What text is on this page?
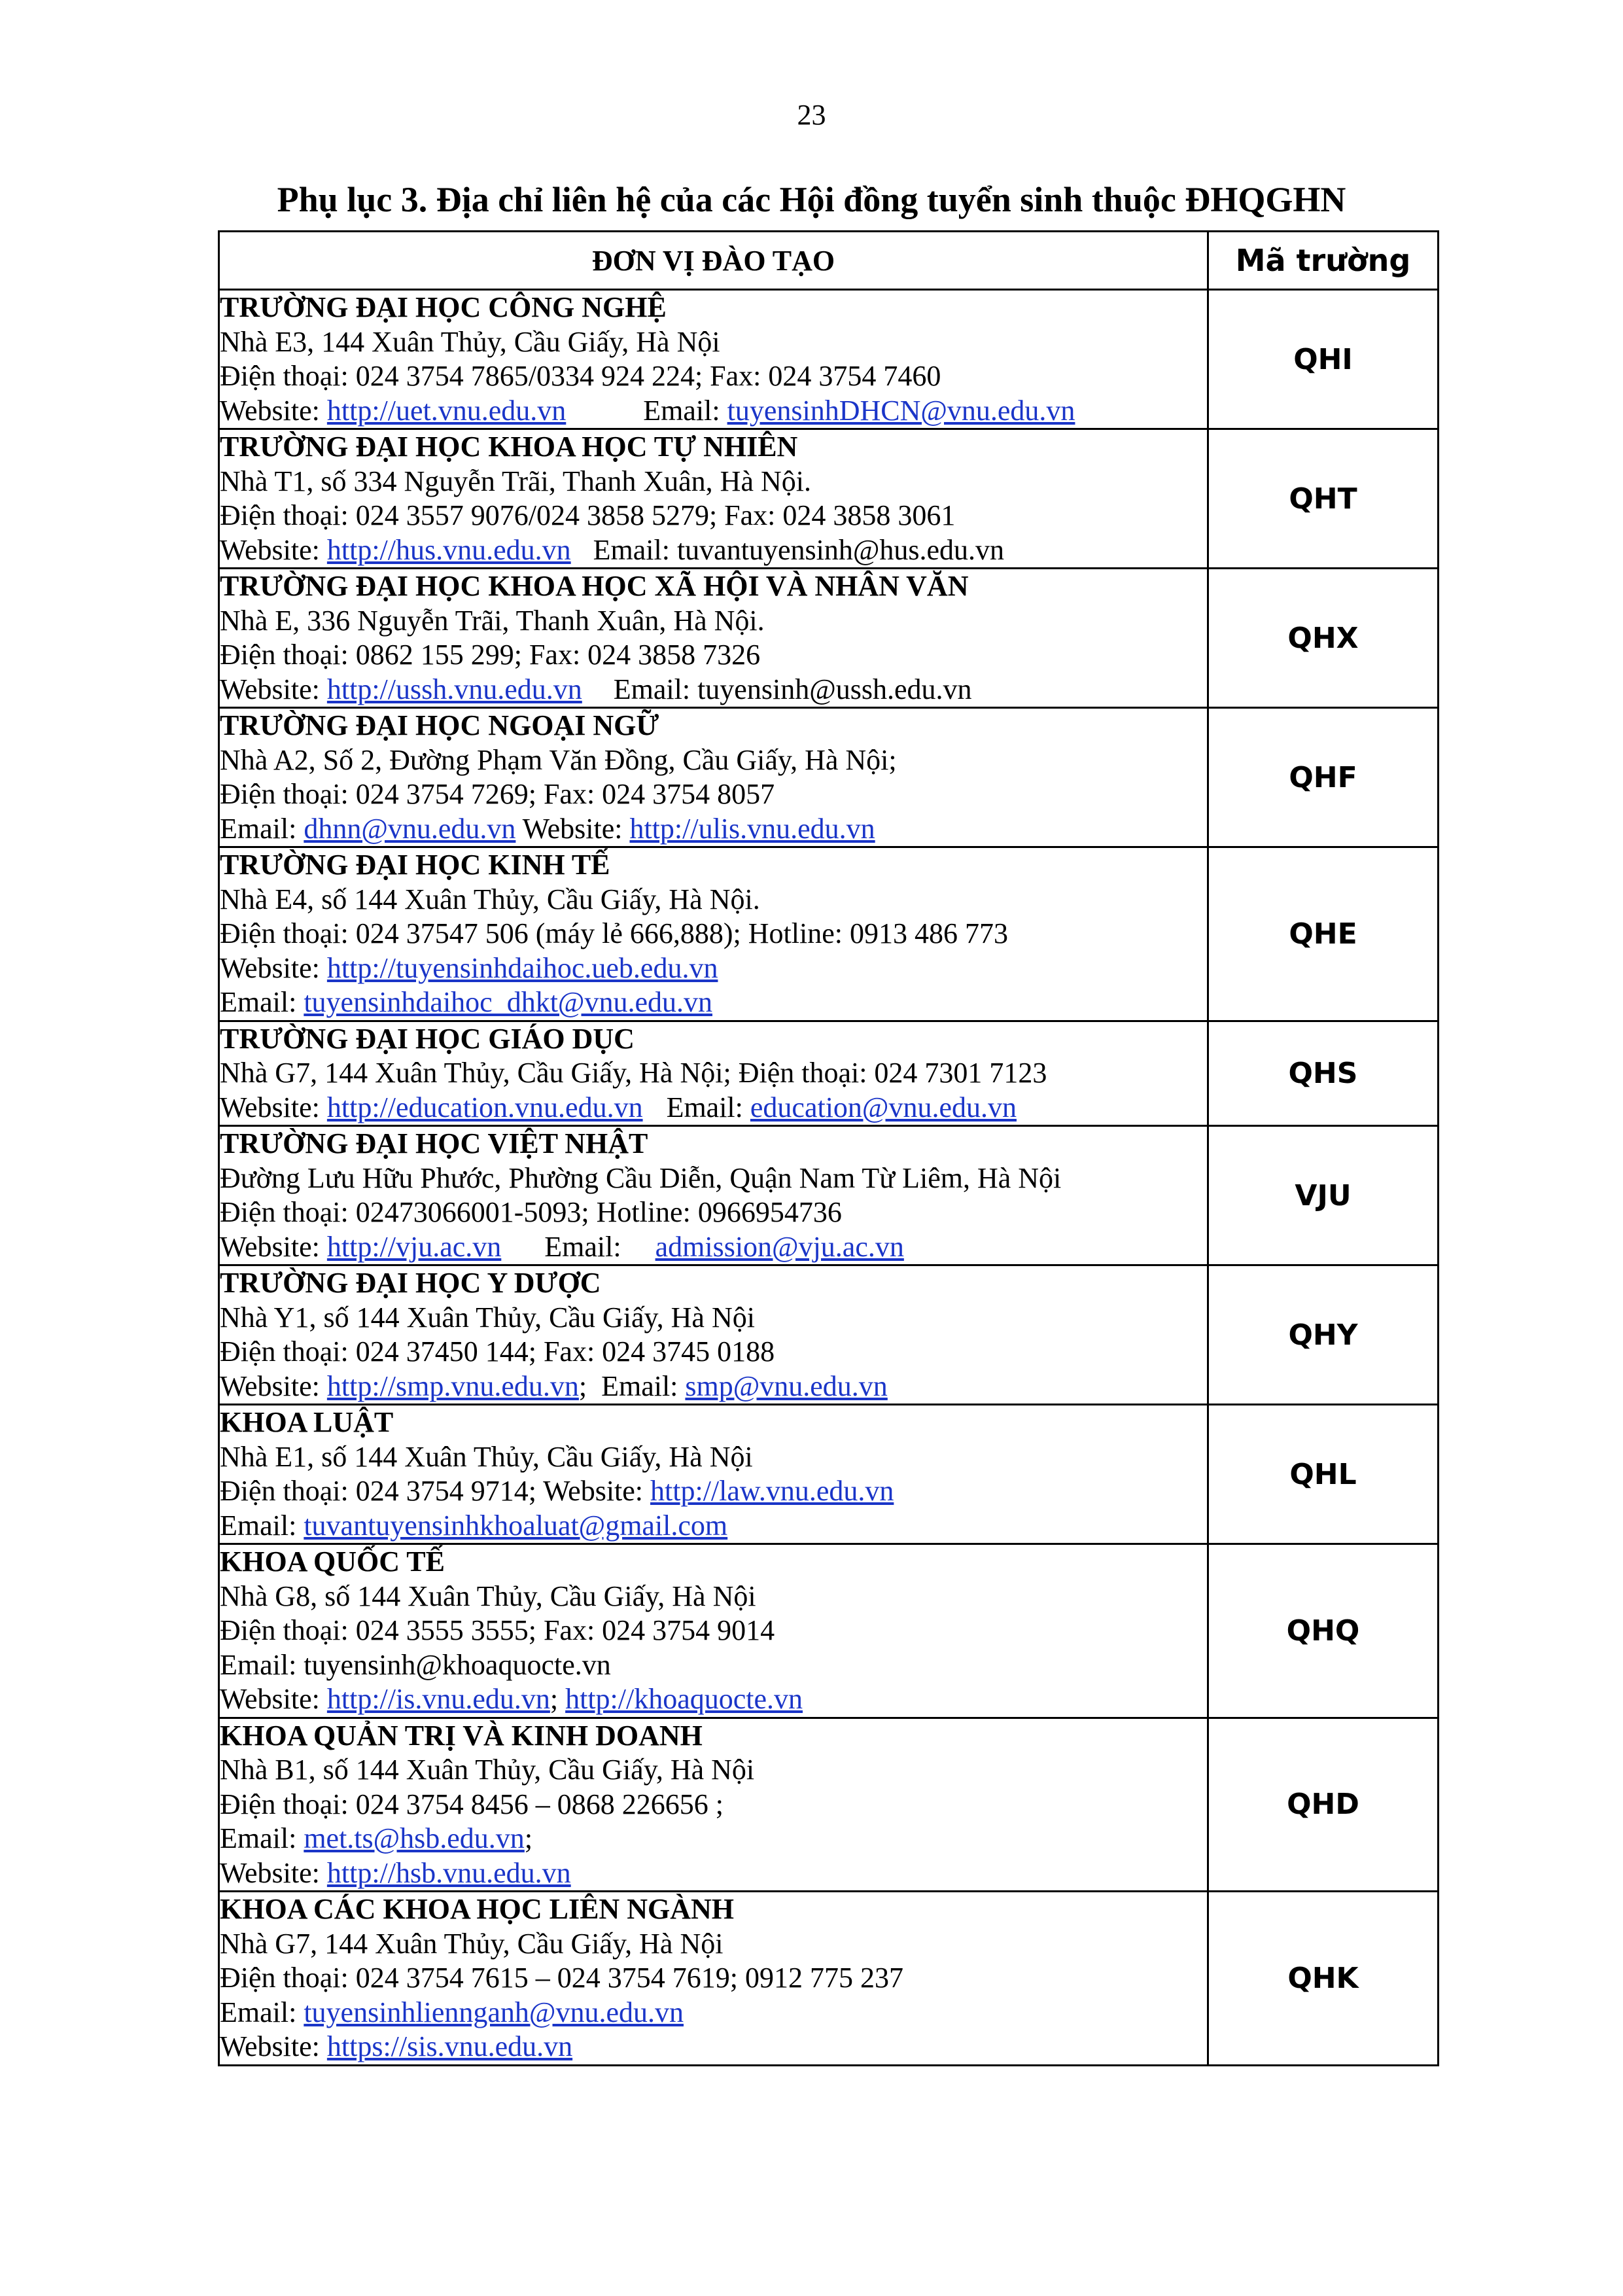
23
Phụ lục 3. Địa chỉ liên hệ của các Hội đồng tuyển sinh thuộc ĐHQGHN
ĐƠN VỊ ĐÀO TẠO	Mã trường

TRƯỜNG ĐẠI HỌC CÔNG NGHỆ
Nhà E3, 144 Xuân Thủy, Cầu Giấy, Hà Nội
Điện thoại: 024 3754 7865/0334 924 224; Fax: 024 3754 7460
Website: http://uet.vnu.edu.vn Email: tuyensinhDHCN@vnu.edu.vn	QHI

TRƯỜNG ĐẠI HỌC KHOA HỌC TỰ NHIÊN
Nhà T1, số 334 Nguyễn Trãi, Thanh Xuân, Hà Nội.
Điện thoại: 024 3557 9076/024 3858 5279; Fax: 024 3858 3061
Website: http://hus.vnu.edu.vn Email: tuvantuyensinh@hus.edu.vn	QHT

TRƯỜNG ĐẠI HỌC KHOA HỌC XÃ HỘI VÀ NHÂN VĂN
Nhà E, 336 Nguyễn Trãi, Thanh Xuân, Hà Nội.
Điện thoại: 0862 155 299; Fax: 024 3858 7326
Website: http://ussh.vnu.edu.vn Email: tuyensinh@ussh.edu.vn	QHX

TRƯỜNG ĐẠI HỌC NGOẠI NGỮ
Nhà A2, Số 2, Đường Phạm Văn Đồng, Cầu Giấy, Hà Nội;
Điện thoại: 024 3754 7269; Fax: 024 3754 8057
Email: dhnn@vnu.edu.vn Website: http://ulis.vnu.edu.vn	QHF

TRƯỜNG ĐẠI HỌC KINH TẾ
Nhà E4, số 144 Xuân Thủy, Cầu Giấy, Hà Nội.
Điện thoại: 024 37547 506 (máy lẻ 666,888); Hotline: 0913 486 773
Website: http://tuyensinhdaihoc.ueb.edu.vn
Email: tuyensinhdaihoc_dhkt@vnu.edu.vn	QHE

TRƯỜNG ĐẠI HỌC GIÁO DỤC
Nhà G7, 144 Xuân Thủy, Cầu Giấy, Hà Nội; Điện thoại: 024 7301 7123
Website: http://education.vnu.edu.vn Email: education@vnu.edu.vn	QHS

TRƯỜNG ĐẠI HỌC VIỆT NHẬT
Đường Lưu Hữu Phước, Phường Cầu Diễn, Quận Nam Từ Liêm, Hà Nội
Điện thoại: 02473066001-5093; Hotline: 0966954736
Website: http://vju.ac.vn Email: admission@vju.ac.vn	VJU

TRƯỜNG ĐẠI HỌC Y DƯỢC
Nhà Y1, số 144 Xuân Thủy, Cầu Giấy, Hà Nội
Điện thoại: 024 37450 144; Fax: 024 3745 0188
Website: http://smp.vnu.edu.vn;  Email: smp@vnu.edu.vn	QHY

KHOA LUẬT
Nhà E1, số 144 Xuân Thủy, Cầu Giấy, Hà Nội
Điện thoại: 024 3754 9714; Website: http://law.vnu.edu.vn
Email: tuvantuyensinhkhoaluat@gmail.com	QHL

KHOA QUỐC TẾ
Nhà G8, số 144 Xuân Thủy, Cầu Giấy, Hà Nội
Điện thoại: 024 3555 3555; Fax: 024 3754 9014
Email: tuyensinh@khoaquocte.vn
Website: http://is.vnu.edu.vn; http://khoaquocte.vn	QHQ

KHOA QUẢN TRỊ VÀ KINH DOANH
Nhà B1, số 144 Xuân Thủy, Cầu Giấy, Hà Nội
Điện thoại: 024 3754 8456 – 0868 226656 ;
Email: met.ts@hsb.edu.vn;
Website: http://hsb.vnu.edu.vn	QHD

KHOA CÁC KHOA HỌC LIÊN NGÀNH
Nhà G7, 144 Xuân Thủy, Cầu Giấy, Hà Nội
Điện thoại: 024 3754 7615 – 024 3754 7619; 0912 775 237
Email: tuyensinhliennganh@vnu.edu.vn
Website: https://sis.vnu.edu.vn	QHK
